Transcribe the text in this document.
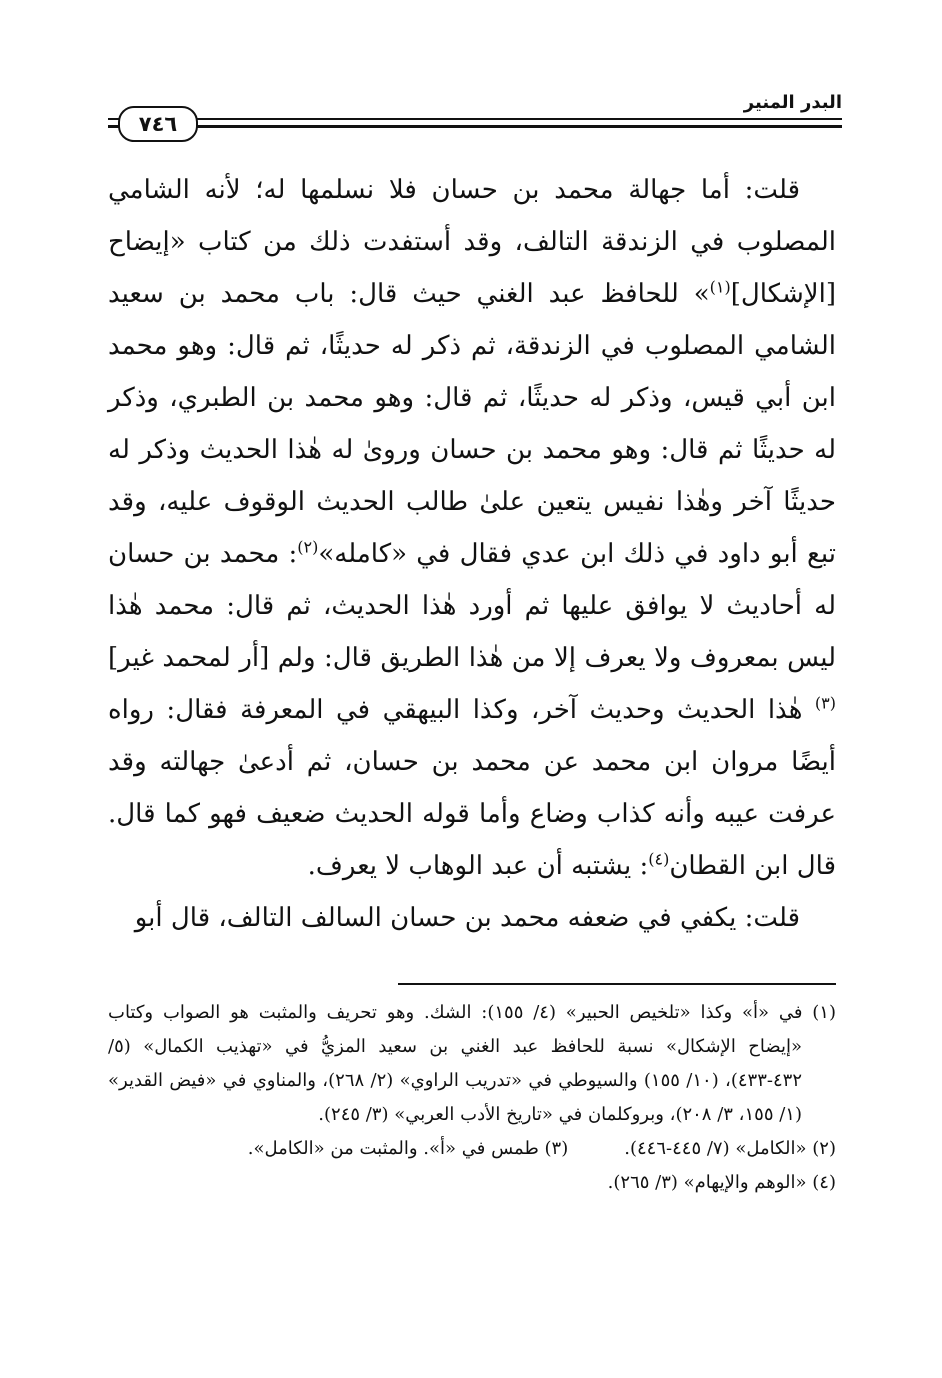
البدر المنير
٧٤٦

قلت: أما جهالة محمد بن حسان فلا نسلمها له؛ لأنه الشامي المصلوب في الزندقة التالف، وقد أستفدت ذلك من كتاب «إيضاح [الإشكال]$^{(١)}$» للحافظ عبد الغني حيث قال: باب محمد بن سعيد الشامي المصلوب في الزندقة، ثم ذكر له حديثًا، ثم قال: وهو محمد ابن أبي قيس، وذكر له حديثًا، ثم قال: وهو محمد بن الطبري، وذكر له حديثًا ثم قال: وهو محمد بن حسان وروىٰ له هٰذا الحديث وذكر له حديثًا آخر وهٰذا نفيس يتعين علىٰ طالب الحديث الوقوف عليه، وقد تبع أبو داود في ذلك ابن عدي فقال في «كامله»$^{(٢)}$: محمد بن حسان له أحاديث لا يوافق عليها ثم أورد هٰذا الحديث، ثم قال: محمد هٰذا ليس بمعروف ولا يعرف إلا من هٰذا الطريق قال: ولم [أر لمحمد غير]$^{(٣)}$ هٰذا الحديث وحديث آخر، وكذا البيهقي في المعرفة فقال: رواه أيضًا مروان ابن محمد عن محمد بن حسان، ثم أدعىٰ جهالته وقد عرفت عيبه وأنه كذاب وضاع وأما قوله الحديث ضعيف فهو كما قال. قال ابن القطان$^{(٤)}$: يشتبه أن عبد الوهاب لا يعرف.

قلت: يكفي في ضعفه محمد بن حسان السالف التالف، قال أبو

(١) في «أ» وكذا «تلخيص الحبير» (٤/ ١٥٥): الشك. وهو تحريف والمثبت هو الصواب وكتاب «إيضاح الإشكال» نسبة للحافظ عبد الغني بن سعيد المزيُّ في «تهذيب الكمال» (٥/ ٤٣٢-٤٣٣)، (١٠/ ١٥٥) والسيوطي في «تدريب الراوي» (٢/ ٢٦٨)، والمناوي في «فيض القدير» (١/ ١٥٥، ٣/ ٢٠٨)، وبروكلمان في «تاريخ الأدب العربي» (٣/ ٢٤٥).

(٢) «الكامل» (٧/ ٤٤٥-٤٤٦).

(٣) طمس في «أ». والمثبت من «الكامل».

(٤) «الوهم والإيهام» (٣/ ٢٦٥).
